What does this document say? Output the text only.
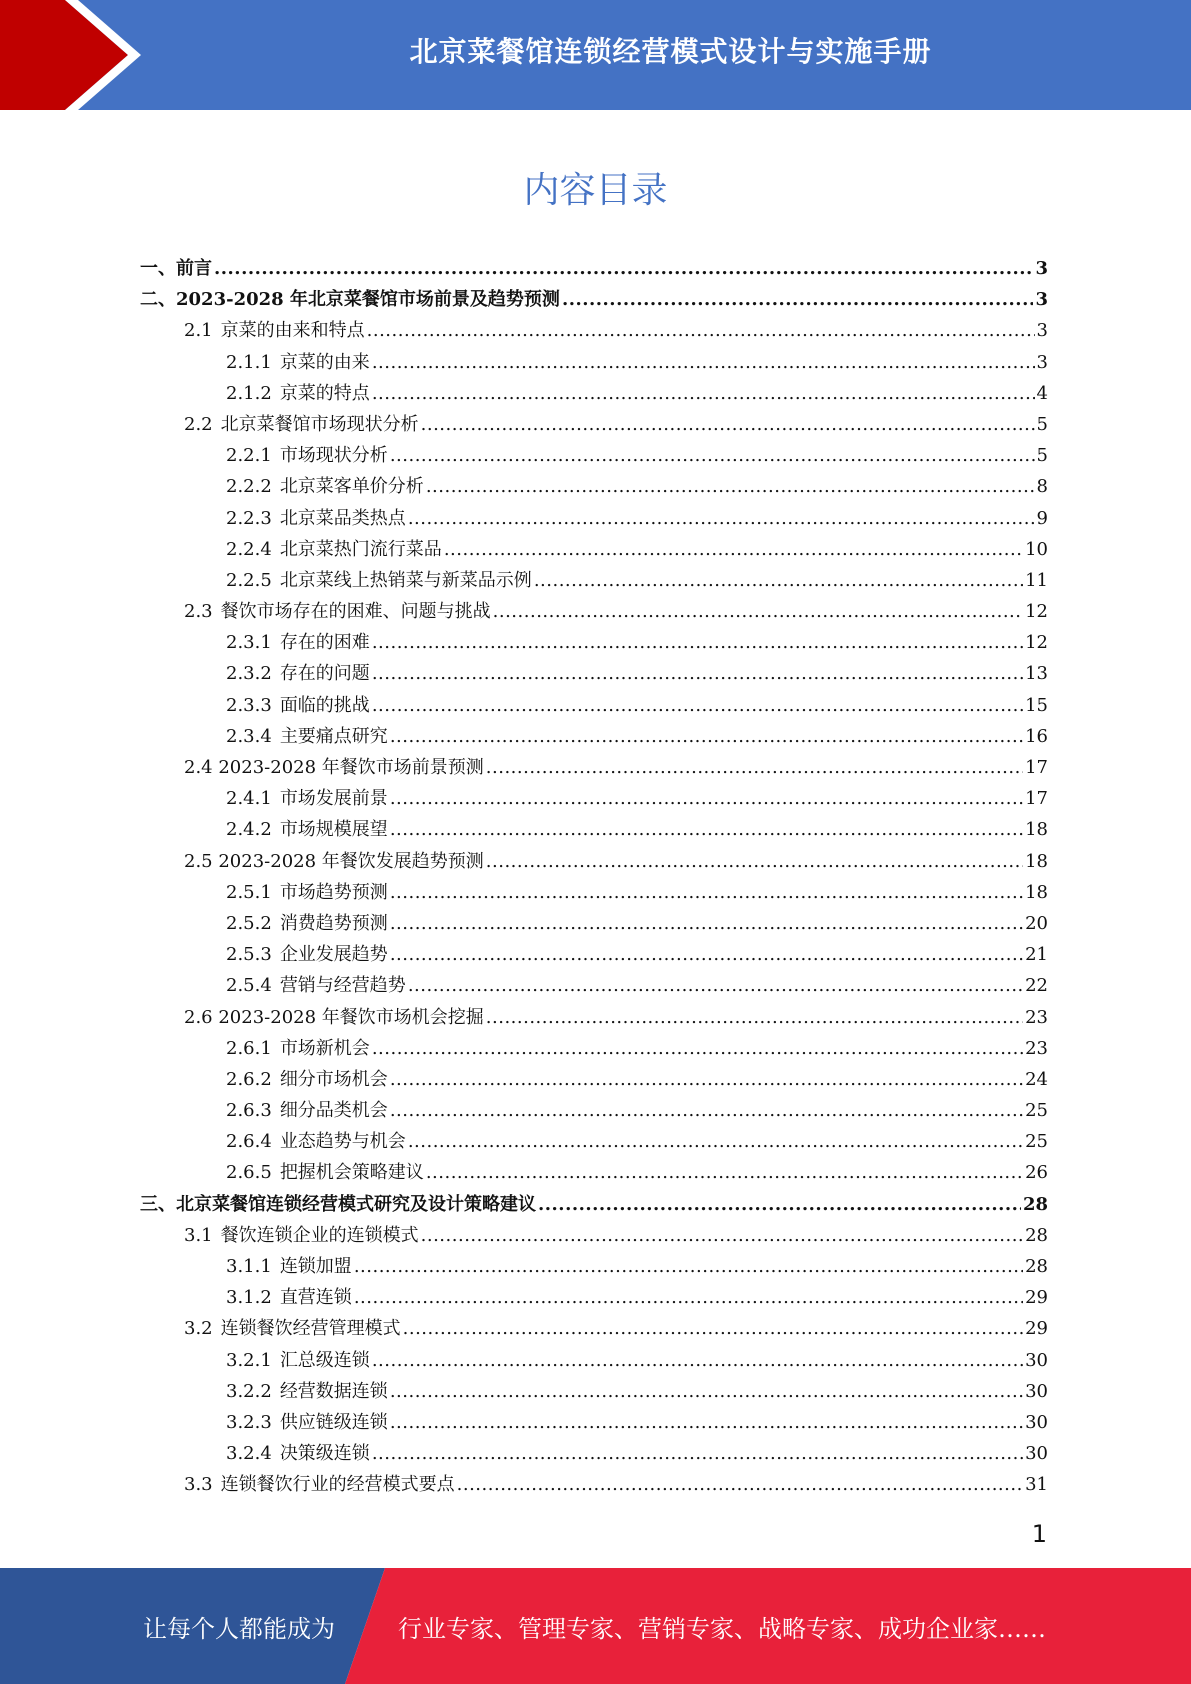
北京菜餐馆连锁经营模式设计与实施手册
内容目录
一、前言 .....	3
二、2023-2028 年北京菜餐馆市场前景及趋势预测 .....	3
2.1 京菜的由来和特点 .....	3
2.1.1 京菜的由来 .....	3
2.1.2 京菜的特点 .....	4
2.2 北京菜餐馆市场现状分析 .....	5
2.2.1 市场现状分析 .....	5
2.2.2 北京菜客单价分析 .....	8
2.2.3 北京菜品类热点 .....	9
2.2.4 北京菜热门流行菜品 .....	10
2.2.5 北京菜线上热销菜与新菜品示例 .....	11
2.3 餐饮市场存在的困难、问题与挑战 .....	12
2.3.1 存在的困难 .....	12
2.3.2 存在的问题 .....	13
2.3.3 面临的挑战 .....	15
2.3.4 主要痛点研究 .....	16
2.4 2023-2028 年餐饮市场前景预测 .....	17
2.4.1 市场发展前景 .....	17
2.4.2 市场规模展望 .....	18
2.5 2023-2028 年餐饮发展趋势预测 .....	18
2.5.1 市场趋势预测 .....	18
2.5.2 消费趋势预测 .....	20
2.5.3 企业发展趋势 .....	21
2.5.4 营销与经营趋势 .....	22
2.6 2023-2028 年餐饮市场机会挖掘 .....	23
2.6.1 市场新机会 .....	23
2.6.2 细分市场机会 .....	24
2.6.3 细分品类机会 .....	25
2.6.4 业态趋势与机会 .....	25
2.6.5 把握机会策略建议 .....	26
三、北京菜餐馆连锁经营模式研究及设计策略建议 .....	28
3.1 餐饮连锁企业的连锁模式 .....	28
3.1.1 连锁加盟 .....	28
3.1.2 直营连锁 .....	29
3.2 连锁餐饮经营管理模式 .....	29
3.2.1 汇总级连锁 .....	30
3.2.2 经营数据连锁 .....	30
3.2.3 供应链级连锁 .....	30
3.2.4 决策级连锁 .....	30
3.3 连锁餐饮行业的经营模式要点 .....	31
1
让每个人都能成为	行业专家、管理专家、营销专家、战略专家、成功企业家……
